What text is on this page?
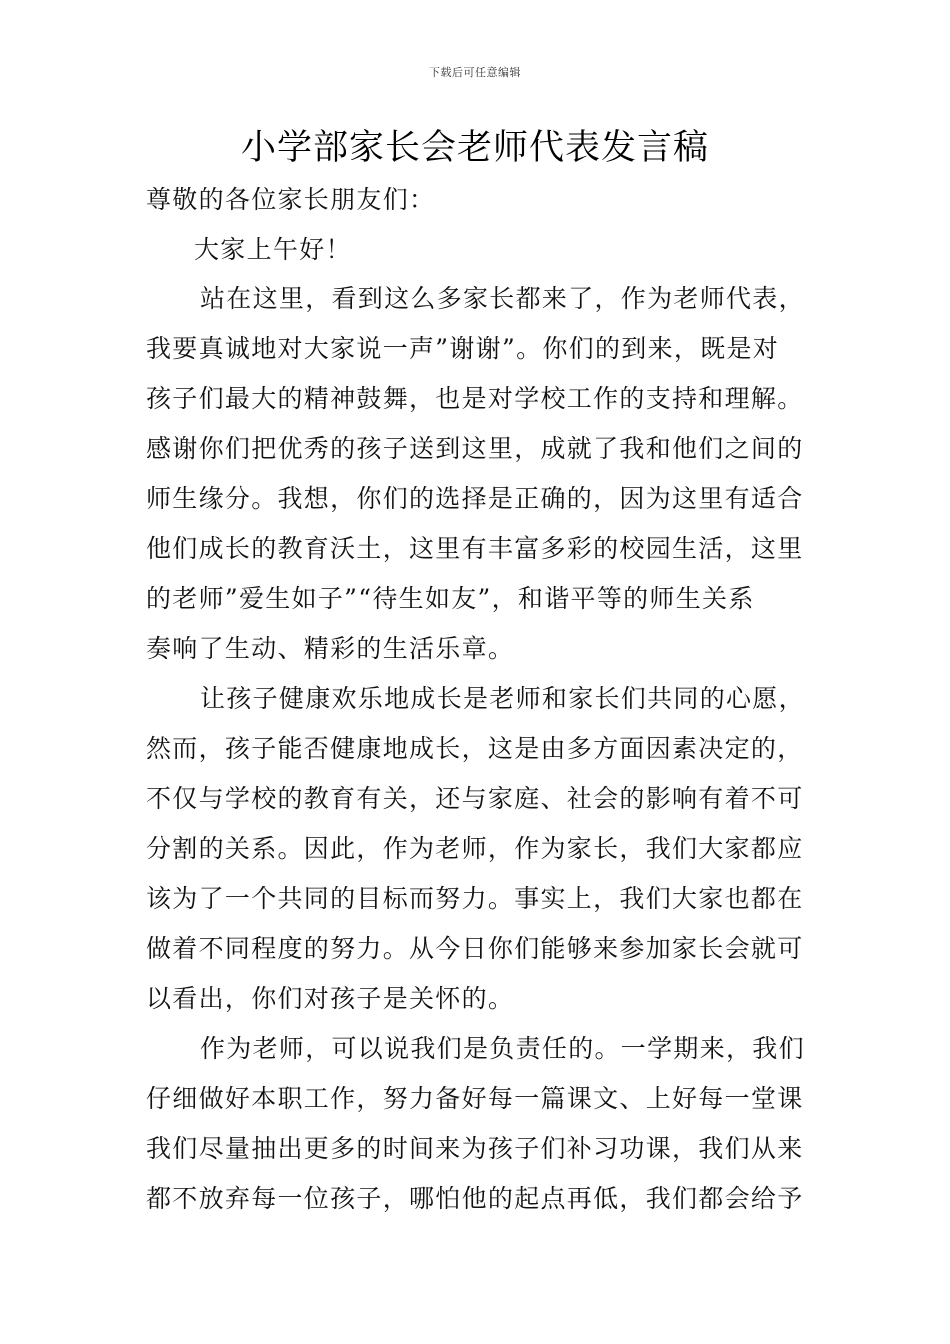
下载后可任意编辑
小学部家长会老师代表发言稿
尊敬的各位家长朋友们：
大家上午好！
站在这里，看到这么多家长都来了，作为老师代表，
我要真诚地对大家说一声”谢谢”。你们的到来，既是对
孩子们最大的精神鼓舞，也是对学校工作的支持和理解。
感谢你们把优秀的孩子送到这里，成就了我和他们之间的
师生缘分。我想，你们的选择是正确的，因为这里有适合
他们成长的教育沃土，这里有丰富多彩的校园生活，这里
的老师”爱生如子”“待生如友”，和谐平等的师生关系
奏响了生动、精彩的生活乐章。
让孩子健康欢乐地成长是老师和家长们共同的心愿，
然而，孩子能否健康地成长，这是由多方面因素决定的，
不仅与学校的教育有关，还与家庭、社会的影响有着不可
分割的关系。因此，作为老师，作为家长，我们大家都应
该为了一个共同的目标而努力。事实上，我们大家也都在
做着不同程度的努力。从今日你们能够来参加家长会就可
以看出，你们对孩子是关怀的。
作为老师，可以说我们是负责任的。一学期来，我们
仔细做好本职工作，努力备好每一篇课文、上好每一堂课
我们尽量抽出更多的时间来为孩子们补习功课，我们从来
都不放弃每一位孩子，哪怕他的起点再低，我们都会给予
